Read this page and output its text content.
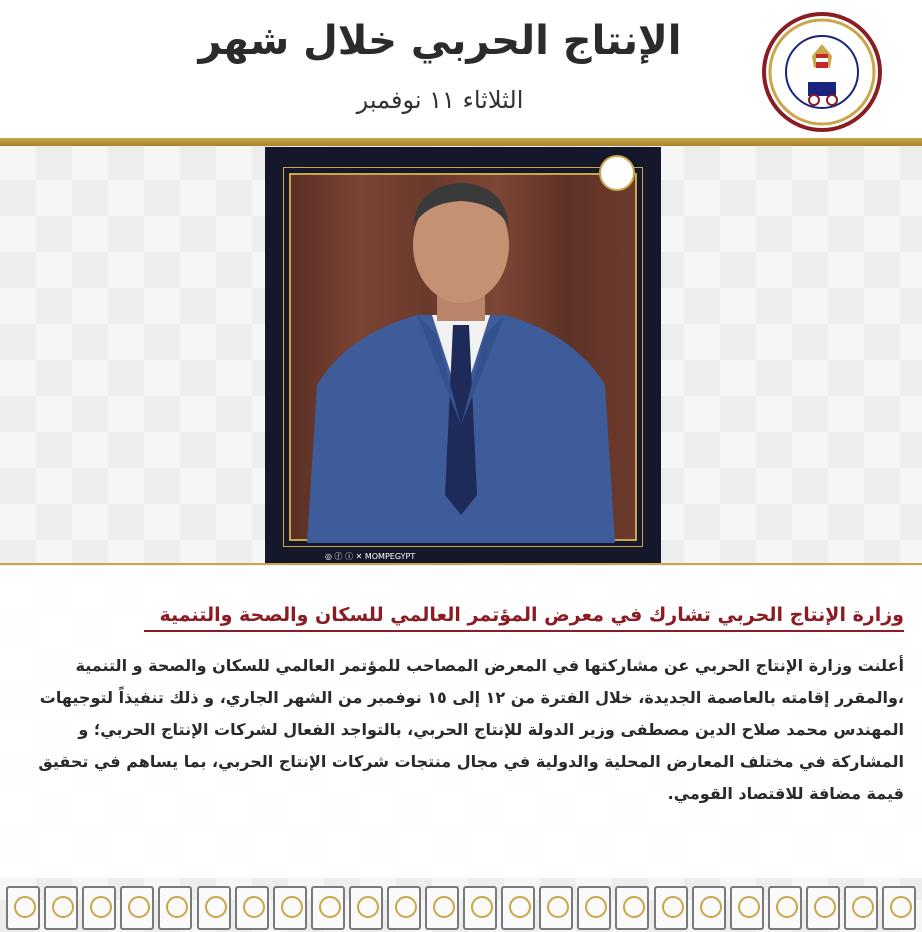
الإنتاج الحربي خلال شهر
الثلاثاء ١١ نوفمبر
◎ ⓕ ⓘ ✕ MOMPEGYPT
وزارة الإنتاج الحربي تشارك في معرض المؤتمر العالمي للسكان والصحة والتنمية

أعلنت وزارة الإنتاج الحربي عن مشاركتها في المعرض المصاحب للمؤتمر العالمي للسكان والصحة و التنمية

،والمقرر إقامته بالعاصمة الجديدة، خلال الفترة من ١٢ إلى ١٥ نوفمبر من الشهر الجاري، و ذلك تنفيذاً لتوجيهات

المهندس محمد صلاح الدين مصطفى وزير الدولة للإنتاج الحربي، بالتواجد الفعال لشركات الإنتاج الحربي؛ و

المشاركة في مختلف المعارض المحلية والدولية في مجال منتجات شركات الإنتاج الحربي، بما يساهم في تحقيق

قيمة مضافة للاقتصاد القومي.
